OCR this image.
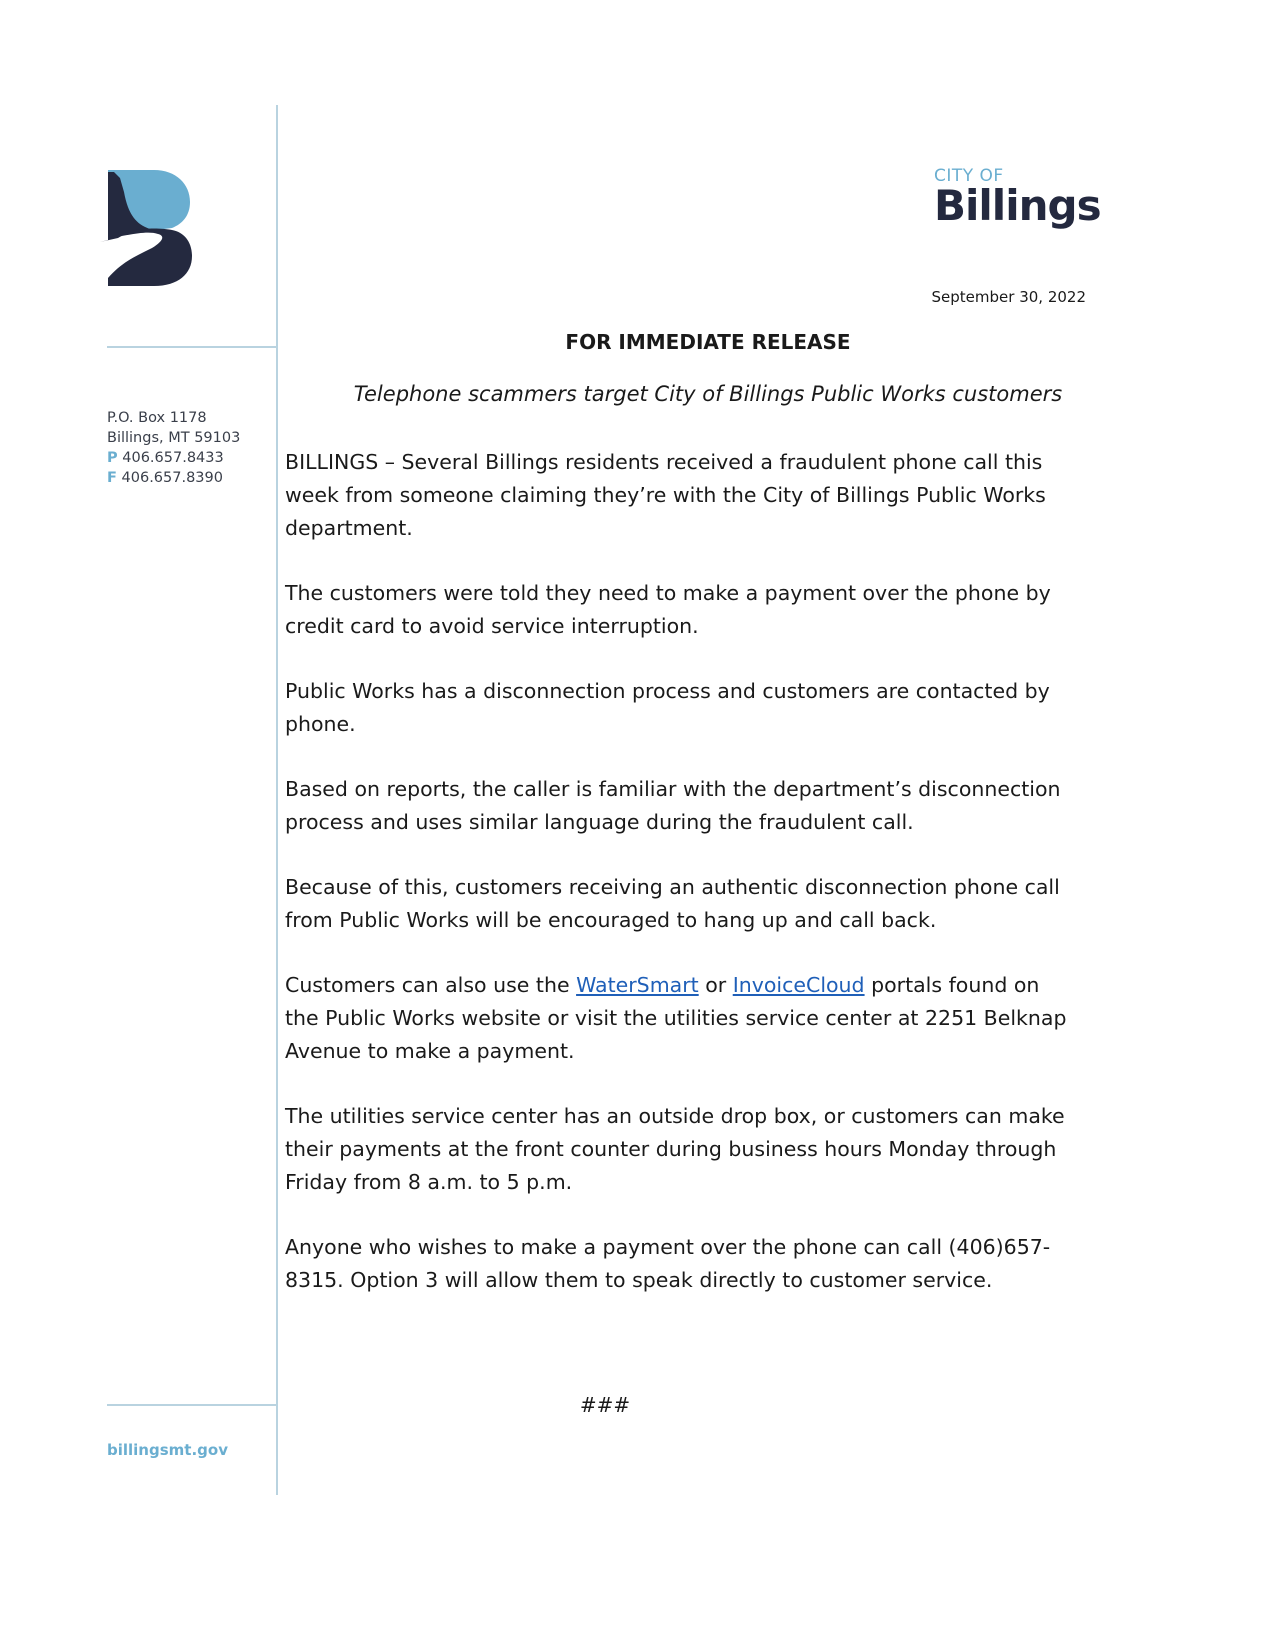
P.O. Box 1178
Billings, MT 59103
P 406.657.8433
F 406.657.8390
billingsmt.gov
CITY OF
Billings
September 30, 2022
FOR IMMEDIATE RELEASE
Telephone scammers target City of Billings Public Works customers

BILLINGS – Several Billings residents received a fraudulent phone call this week from someone claiming they’re with the City of Billings Public Works department.

The customers were told they need to make a payment over the phone by credit card to avoid service interruption.

Public Works has a disconnection process and customers are contacted by phone.

Based on reports, the caller is familiar with the department’s disconnection process and uses similar language during the fraudulent call.

Because of this, customers receiving an authentic disconnection phone call from Public Works will be encouraged to hang up and call back.

Customers can also use the WaterSmart or InvoiceCloud portals found on the Public Works website or visit the utilities service center at 2251 Belknap Avenue to make a payment.

The utilities service center has an outside drop box, or customers can make their payments at the front counter during business hours Monday through Friday from 8 a.m. to 5 p.m.

Anyone who wishes to make a payment over the phone can call (406)657-8315. Option 3 will allow them to speak directly to customer service.

###
